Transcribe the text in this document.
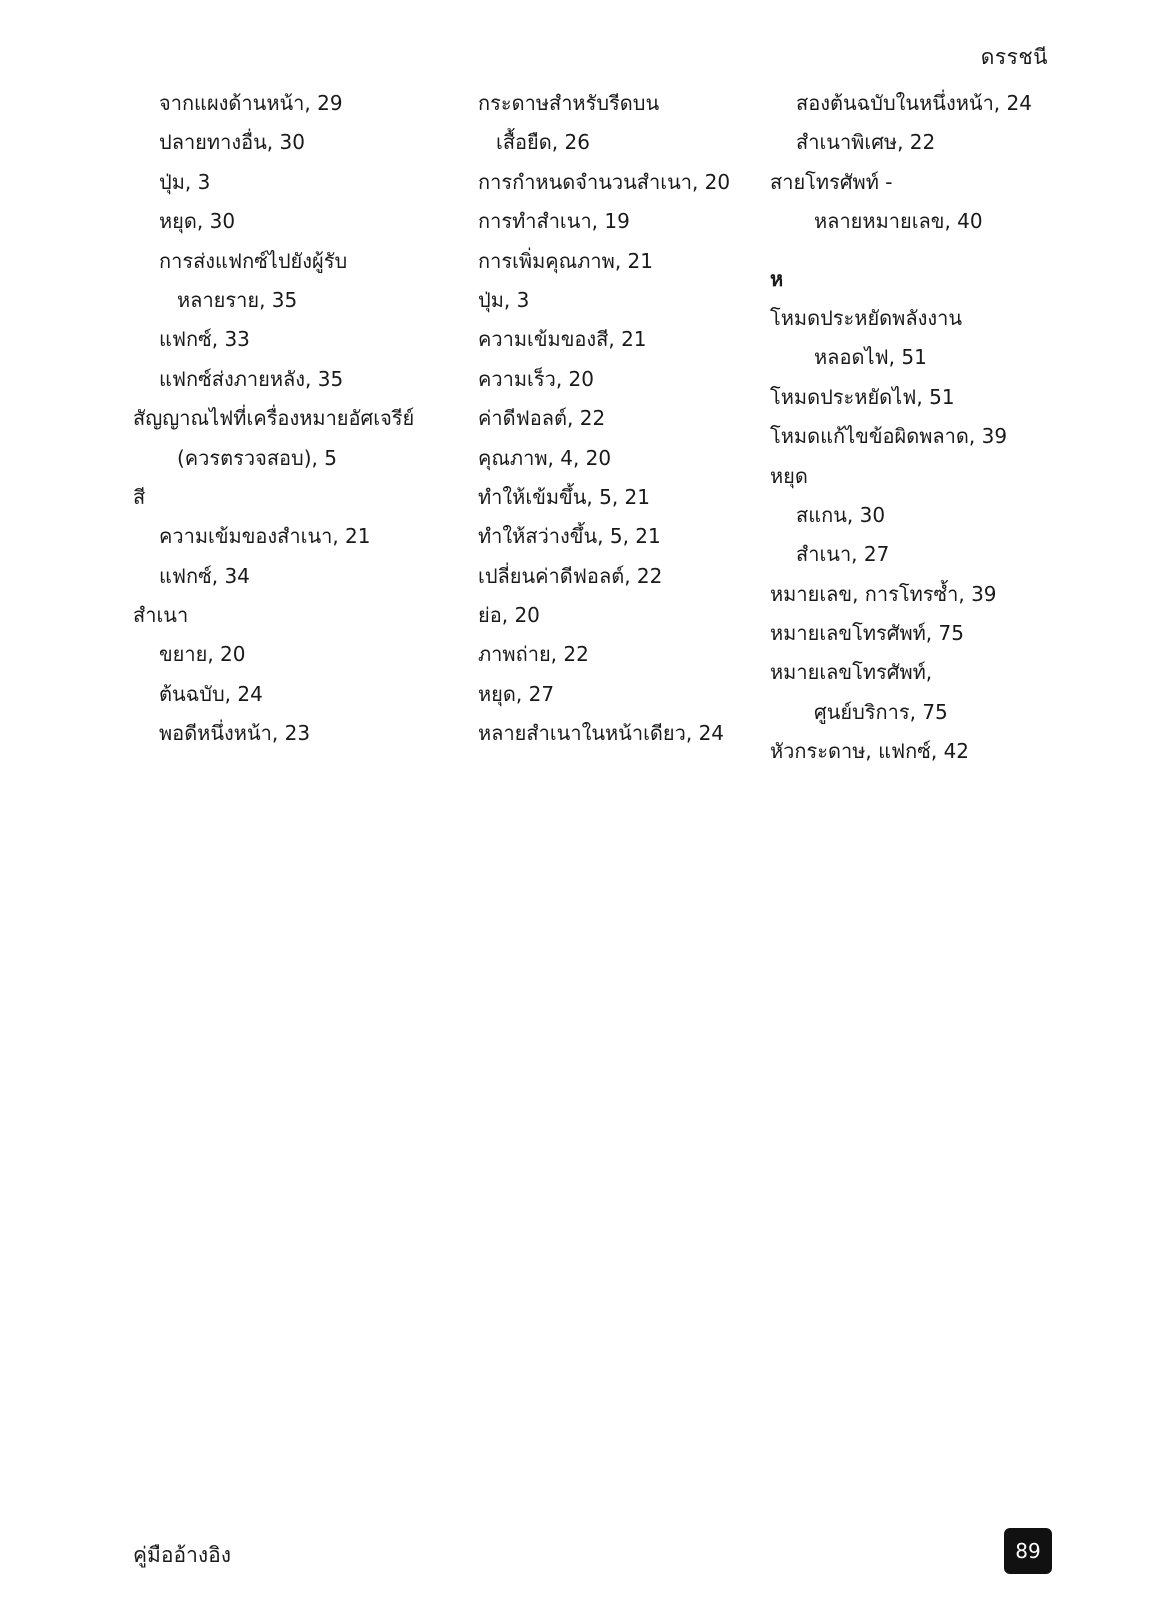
ดรรชนี
จากแผงด้านหน้า, 29
ปลายทางอื่น, 30
ปุ่ม, 3
หยุด, 30
การส่งแฟกซ์ไปยังผู้รับ
หลายราย, 35
แฟกซ์, 33
แฟกซ์ส่งภายหลัง, 35
สัญญาณไฟที่เครื่องหมายอัศเจรีย์
(ควรตรวจสอบ), 5
สี
ความเข้มของสำเนา, 21
แฟกซ์, 34
สำเนา
ขยาย, 20
ต้นฉบับ, 24
พอดีหนึ่งหน้า, 23
กระดาษสำหรับรีดบน
เสื้อยืด, 26
การกำหนดจำนวนสำเนา, 20
การทำสำเนา, 19
การเพิ่มคุณภาพ, 21
ปุ่ม, 3
ความเข้มของสี, 21
ความเร็ว, 20
ค่าดีฟอลต์, 22
คุณภาพ, 4, 20
ทำให้เข้มขึ้น, 5, 21
ทำให้สว่างขึ้น, 5, 21
เปลี่ยนค่าดีฟอลต์, 22
ย่อ, 20
ภาพถ่าย, 22
หยุด, 27
หลายสำเนาในหน้าเดียว, 24
สองต้นฉบับในหนึ่งหน้า, 24
สำเนาพิเศษ, 22
สายโทรศัพท์ -
หลายหมายเลข, 40
ห
โหมดประหยัดพลังงาน
หลอดไฟ, 51
โหมดประหยัดไฟ, 51
โหมดแก้ไขข้อผิดพลาด, 39
หยุด
สแกน, 30
สำเนา, 27
หมายเลข, การโทรซ้ำ, 39
หมายเลขโทรศัพท์, 75
หมายเลขโทรศัพท์,
ศูนย์บริการ, 75
หัวกระดาษ, แฟกซ์, 42
คู่มืออ้างอิง	89
